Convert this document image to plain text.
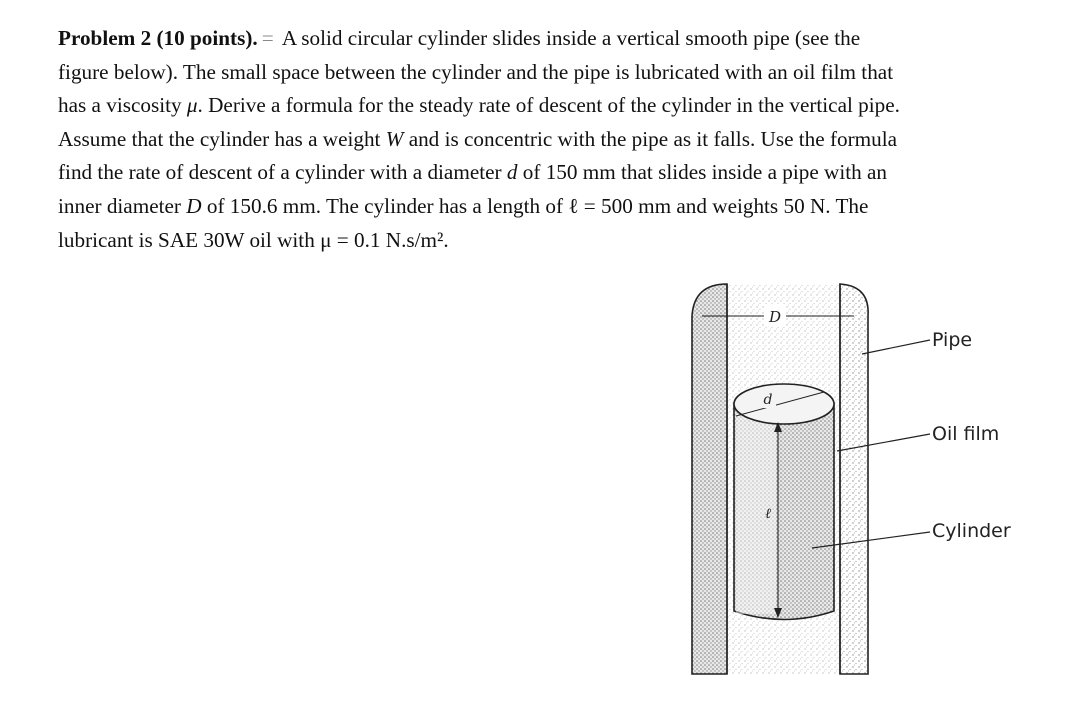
Problem 2 (10 points). = A solid circular cylinder slides inside a vertical smooth pipe (see the
figure below). The small space between the cylinder and the pipe is lubricated with an oil film that
has a viscosity μ. Derive a formula for the steady rate of descent of the cylinder in the vertical pipe.
Assume that the cylinder has a weight W and is concentric with the pipe as it falls. Use the formula
find the rate of descent of a cylinder with a diameter d of 150 mm that slides inside a pipe with an
inner diameter D of 150.6 mm. The cylinder has a length of ℓ = 500 mm and weights 50 N. The
lubricant is SAE 30W oil with μ = 0.1 N.s/m².
D
d
ℓ
Pipe
Oil film
Cylinder
